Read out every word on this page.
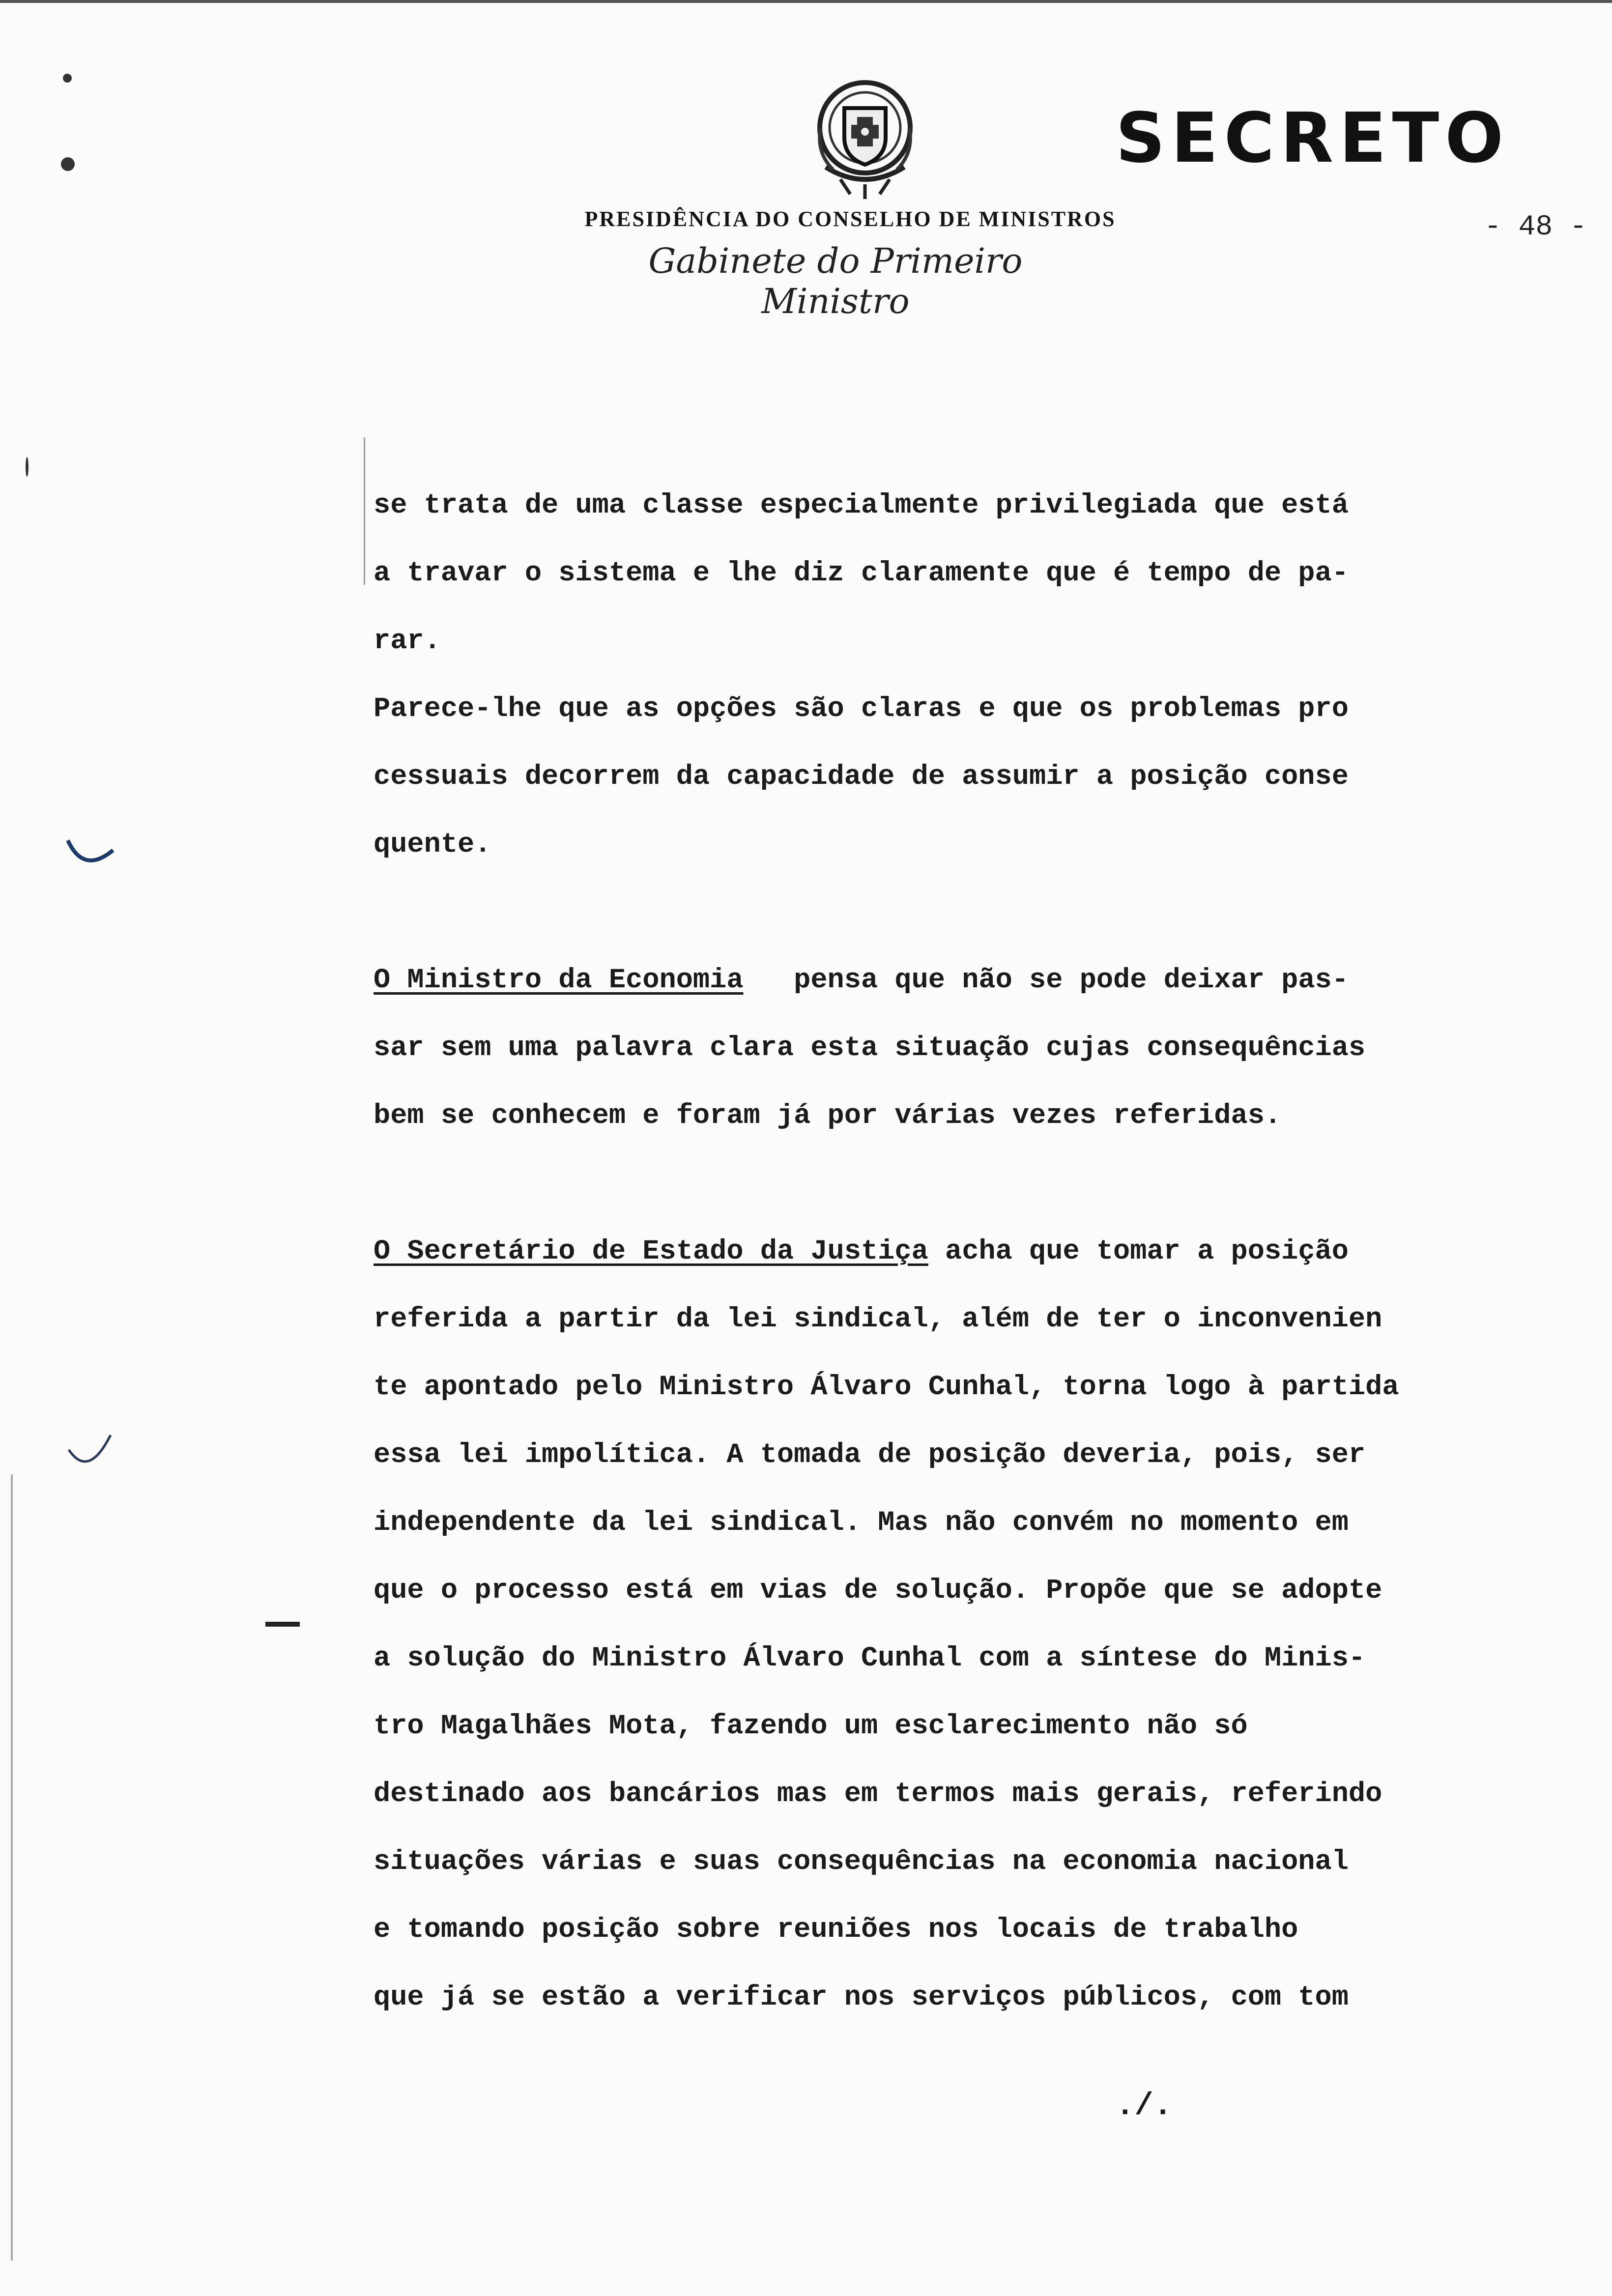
SECRETO
PRESIDÊNCIA DO CONSELHO DE MINISTROS
Gabinete do Primeiro Ministro
- 48 -
se trata de uma classe especialmente privilegiada que está
a travar o sistema e lhe diz claramente que é tempo de pa-
rar.
Parece-lhe que as opções são claras e que os problemas pro
cessuais decorrem da capacidade de assumir a posição conse
quente.
O Ministro da Economia   pensa que não se pode deixar pas-
sar sem uma palavra clara esta situação cujas consequências
bem se conhecem e foram já por várias vezes referidas.
O Secretário de Estado da Justiça acha que tomar a posição
referida a partir da lei sindical, além de ter o inconvenien
te apontado pelo Ministro Álvaro Cunhal, torna logo à partida
essa lei impolítica. A tomada de posição deveria, pois, ser
independente da lei sindical. Mas não convém no momento em
que o processo está em vias de solução. Propõe que se adopte
a solução do Ministro Álvaro Cunhal com a síntese do Minis-
tro Magalhães Mota, fazendo um esclarecimento não só
destinado aos bancários mas em termos mais gerais, referindo
situações várias e suas consequências na economia nacional
e tomando posição sobre reuniões nos locais de trabalho
que já se estão a verificar nos serviços públicos, com tom
./.
